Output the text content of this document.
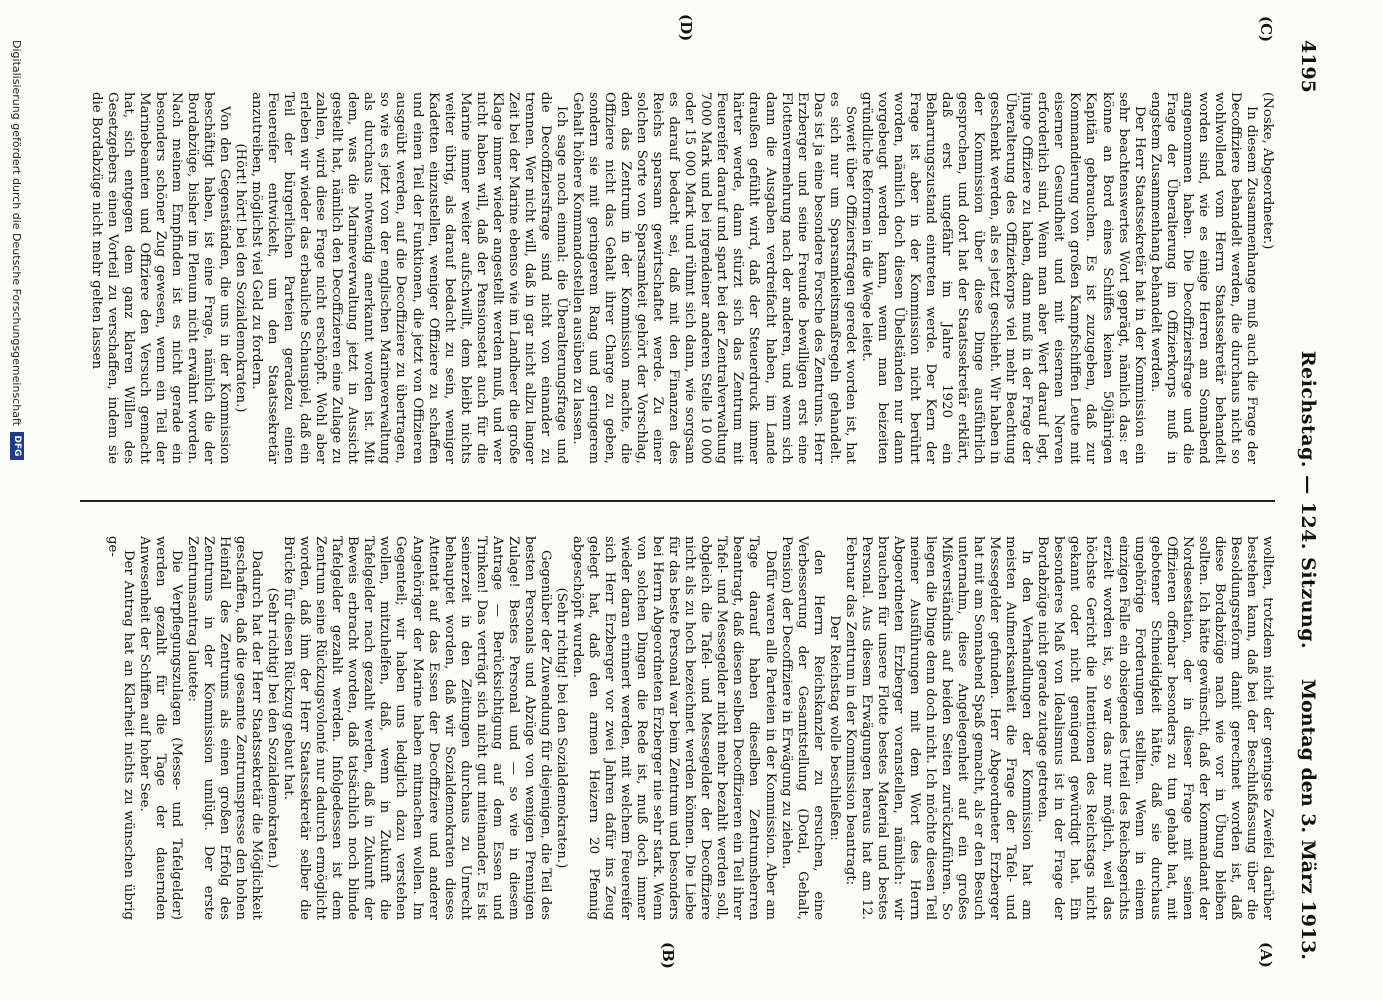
4195
Reichstag. — 124. Sitzung.
Montag den 3. März 1913.
(C)
(D)
(A)
(B)

(Noske, Abgeordneter.)

In diesem Zusammenhange muß auch die Frage der Decoffiziere behandelt werden, die durchaus nicht so wohlwollend vom Herrn Staatssekretär behandelt worden sind, wie es einige Herren am Sonnabend angenommen haben. Die Decoffiziersfrage und die Frage der Überalterung im Offizierkorps muß in engstem Zusammenhang behandelt werden.

Der Herr Staatssekretär hat in der Kommission ein sehr beachtenswertes Wort geprägt, nämlich das: er könne an Bord eines Schiffes keinen 50jährigen Kapitän gebrauchen. Es ist zuzugeben, daß zur Kommandierung von großen Kampfschiffen Leute mit eiserner Gesundheit und mit eisernen Nerven erforderlich sind. Wenn man aber Wert darauf legt, junge Offiziere zu haben, dann muß in der Frage der Überalterung des Offizierkorps viel mehr Beachtung geschenkt werden, als es jetzt geschieht. Wir haben in der Kommission über diese Dinge ausführlich gesprochen, und dort hat der Staatssekretär erklärt, daß erst ungefähr im Jahre 1920 ein Beharrungszustand eintreten werde. Der Kern der Frage ist aber in der Kommission nicht berührt worden, nämlich doch diesen Übelständen nur dann vorgebeugt werden kann, wenn man beizeiten gründliche Reformen in die Wege leitet.

Soweit über Offiziersfragen geredet worden ist, hat es sich nur um Sparsamkeitsmaßregeln gehandelt. Das ist ja eine besondere Forsche des Zentrums. Herr Erzberger und seine Freunde bewilligen erst eine Flottenvermehrung nach der anderen, und wenn sich dann die Ausgaben verdreifacht haben, im Lande draußen gefühlt wird, daß der Steuerdruck immer härter werde, dann stürzt sich das Zentrum mit Feuereifer darauf und spart bei der Zentralverwaltung 7000 Mark und bei irgendeiner anderen Stelle 10 000 oder 15 000 Mark und rühmt sich dann, wie sorgsam es darauf bedacht sei, daß mit den Finanzen des Reichs sparsam gewirtschaftet werde. Zu einer solchen Sorte von Sparsamkeit gehört der Vorschlag, den das Zentrum in der Kommission machte, die Offiziere nicht das Gehalt ihrer Charge zu geben, sondern sie mit geringerem Rang und geringerem Gehalt höhere Kommandostellen ausüben zu lassen.

Ich sage noch einmal: die Überalterungsfrage und die Decoffiziersfrage sind nicht von einander zu trennen. Wer nicht will, daß in gar nicht allzu langer Zeit bei der Marine ebenso wie im Landheer die große Klage immer wieder angestellt werden muß, und wer nicht haben will, daß der Pensionsetat auch für die Marine immer weiter aufschwillt, dem bleibt nichts weiter übrig, als darauf bedacht zu sein, weniger Kadetten einzustellen, weniger Offiziere zu schaffen und einen Teil der Funktionen, die jetzt von Offizieren ausgeübt werden, auf die Decoffiziere zu übertragen, so wie es jetzt von der englischen Marineverwaltung als durchaus notwendig anerkannt worden ist. Mit dem, was die Marineverwaltung jetzt in Aussicht gestellt hat, nämlich den Decoffizieren eine Zulage zu zahlen, wird diese Frage nicht erschöpft. Wohl aber erleben wir wieder das erbauliche Schauspiel, daß ein Teil der bürgerlichen Parteien geradezu einen Feuereifer entwickelt, um den Staatssekretär anzutreiben, möglichst viel Geld zu fordern.

(Hört! hört! bei den Sozialdemokraten.)

Von den Gegenständen, die uns in der Kommission beschäftigt haben, ist eine Frage, nämlich die der Bordabzüge, bisher im Plenum nicht erwähnt worden. Nach meinem Empfinden ist es nicht gerade ein besonders schöner Zug gewesen, wenn ein Teil der Marinebeamten und Offiziere den Versuch gemacht hat, sich entgegen dem ganz klaren Willen des Gesetzgebers einen Vorteil zu verschaffen, indem sie die Bordabzüge nicht mehr gelten lassen

wollten, trotzdem nicht der geringste Zweifel darüber bestehen kann, daß bei der Beschlußfassung über die Besoldungsreform damit gerechnet worden ist, daß diese Bordabzüge nach wie vor in Übung bleiben sollten. Ich hätte gewünscht, daß der Kommandant der Nordseestation, der in dieser Frage mit seinen Offizieren offenbar besonders zu tun gehabt hat, mit gebotener Schneidigkeit hätte, daß sie durchaus ungehörige Forderungen stellten. Wenn in einem einzigen Falle ein obsiegendes Urteil des Reichsgerichts erzielt worden ist, so war das nur möglich, weil das höchste Gericht die Intentionen des Reichstags nicht gekannt oder nicht genügend gewürdigt hat. Ein besonderes Maß von Idealismus ist in der Frage der Bordabzüge nicht gerade zutage getreten.

In den Verhandlungen der Kommission hat am meisten Aufmerksamkeit die Frage der Tafel- und Messegelder gefunden. Herr Abgeordneter Erzberger hat mit am Sonnabend Spaß gemacht, als er den Besuch unternahm, diese Angelegenheit auf ein großes Mißverständnis auf beiden Seiten zurückzuführen. So liegen die Dinge denn doch nicht. Ich möchte diesen Teil meiner Ausführungen mit dem Wort des Herrn Abgeordneten Erzberger voranstellen, nämlich: wir brauchen für unsere Flotte bestes Material und bestes Personal. Aus diesem Erwägungen heraus hat am 12. Februar das Zentrum in der Kommission beantragt:

Der Reichstag wolle beschließen:

den Herrn Reichskanzler zu ersuchen, eine Verbesserung der Gesamtstellung (Dotal, Gehalt, Pension) der Decoffiziere in Erwägung zu ziehen.

Dafür waren alle Parteien in der Kommission. Aber am Tage darauf haben dieselben Zentrumsherren beantragt, daß diesen selben Decoffizieren ein Teil ihrer Tafel- und Messegelder nicht mehr bezahlt werden soll, obgleich die Tafel- und Messegelder der Decoffiziere nicht als zu hoch bezeichnet werden können. Die Liebe für das beste Personal war beim Zentrum und besonders bei Herrn Abgeordneten Erzberger nie sehr stark. Wenn von solchen Dingen die Rede ist, muß doch immer wieder daran erinnert werden, mit welchem Feuereifer sich Herr Erzberger vor zwei Jahren dafür ins Zeug gelegt hat, daß den armen Heizern 20 Pfennig abgeschöpft wurden.

(Sehr richtig! bei den Sozialdemokraten.)

Gegenüber der Zuwendung für diejenigen, die Teil des besten Personals und Abzüge von wenigen Prennigen Zulage! Bestes Personal und — so wie in diesem Antrage — Berücksichtigung auf dem Essen und Trinken! Das verträgt sich nicht gut miteinander. Es ist seinerzeit in den Zeitungen durchaus zu Unrecht behauptet worden, daß wir Sozialdemokraten dieses Attentat auf das Essen der Decoffiziere und anderer Angehöriger der Marine haben mitmachen wollen. Im Gegenteil; wir haben uns lediglich dazu verstehen wollen, mitzuhelfen, daß, wenn in Zukunft die Tafelgelder nach gezahlt werden, daß in Zukunft der Beweis erbracht worden, daß tatsächlich noch blinde Tafelgelder gezahlt werden. Infolgedessen ist dem Zentrum seine Rückzugsvolonté nur dadurch ermöglicht worden, daß ihm der Herr Staatssekretär selber die Brücke für diesen Rückzug gebaut hat.

(Sehr richtig! bei den Sozialdemokraten.)

Dadurch hat der Herr Staatssekretär die Möglichkeit geschaffen, daß die gesamte Zentrumspresse den hohen Heinfall des Zentrums als einen großen Erfolg des Zentrums in der Kommission umlügt. Der erste Zentrumsantrag lautete:

Die Verpflegungszulagen (Messe- und Tafelgelder) werden gezahlt für die Tage der dauernden Anwesenheit der Schiffen auf hoher See.

Der Antrag hat an Klarheit nichts zu wünschen übrig ge-

Digitalisierung gefördert durch die Deutsche Forschungsgemeinschaft
DFG
